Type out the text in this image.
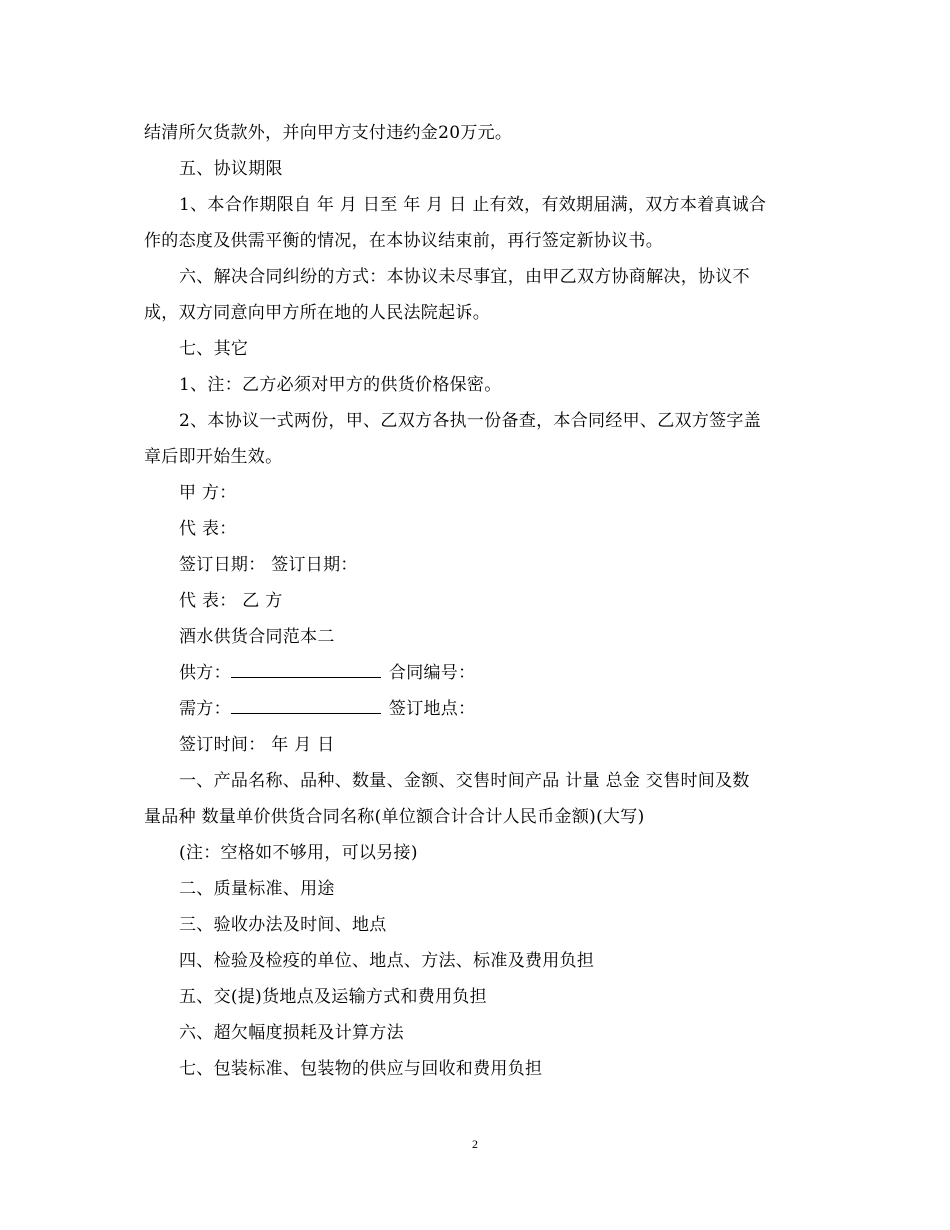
结清所欠货款外，并向甲方支付违约金20万元。

五、协议期限

1、本合作期限自 年 月 日至 年 月 日 止有效，有效期届满，双方本着真诚合

作的态度及供需平衡的情况，在本协议结束前，再行签定新协议书。

六、解决合同纠纷的方式：本协议未尽事宜，由甲乙双方协商解决，协议不

成，双方同意向甲方所在地的人民法院起诉。

七、其它

1、注：乙方必须对甲方的供货价格保密。

2、本协议一式两份，甲、乙双方各执一份备查，本合同经甲、乙双方签字盖

章后即开始生效。

甲 方：

代 表：

签订日期： 签订日期：

代 表： 乙 方

酒水供货合同范本二

供方：	合同编号：

需方：	签订地点：

签订时间： 年 月 日

一、产品名称、品种、数量、金额、交售时间产品 计量 总金 交售时间及数

量品种 数量单价供货合同名称(单位额合计合计人民币金额)(大写)

(注：空格如不够用，可以另接)

二、质量标准、用途

三、验收办法及时间、地点

四、检验及检疫的单位、地点、方法、标准及费用负担

五、交(提)货地点及运输方式和费用负担

六、超欠幅度损耗及计算方法

七、包装标准、包装物的供应与回收和费用负担

2
